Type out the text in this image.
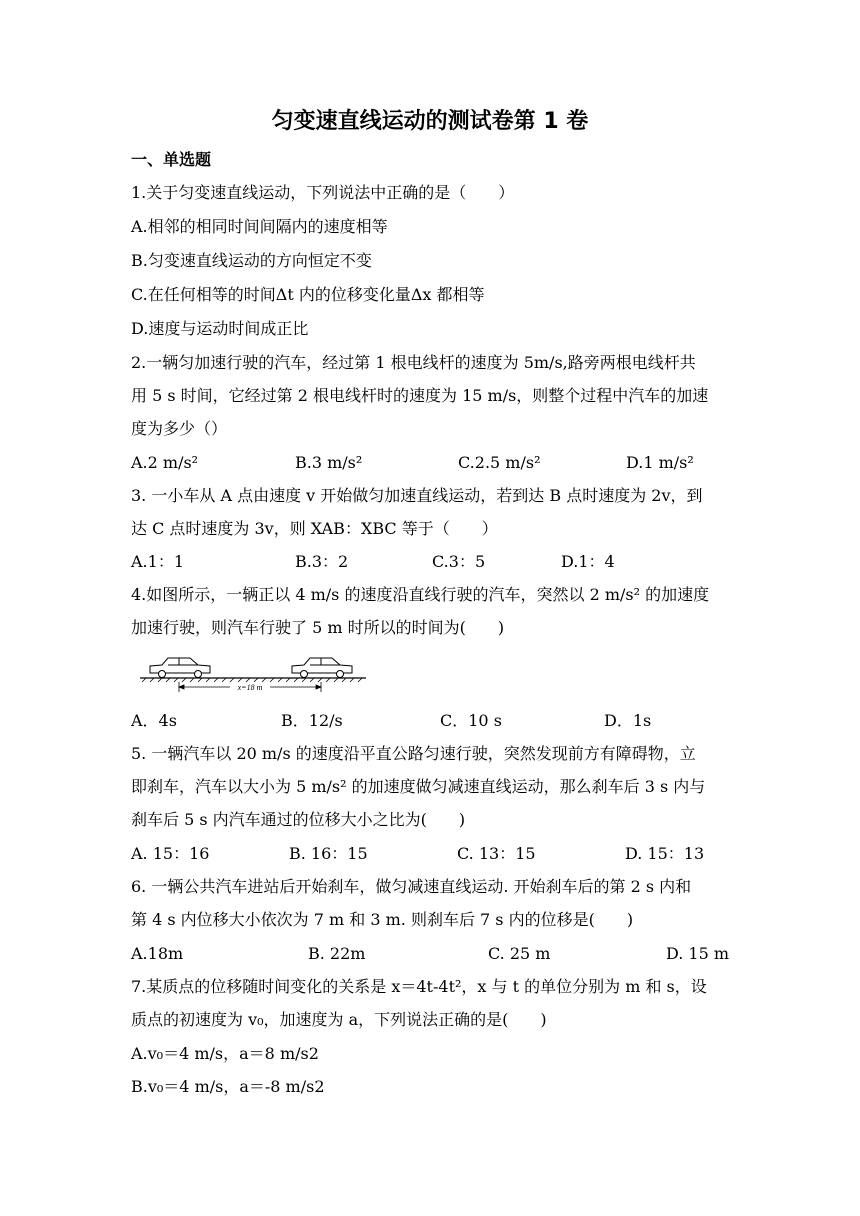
匀变速直线运动的测试卷第 1 卷
一、单选题
1.关于匀变速直线运动，下列说法中正确的是（　　）
A.相邻的相同时间间隔内的速度相等
B.匀变速直线运动的方向恒定不变
C.在任何相等的时间Δt 内的位移变化量Δx 都相等
D.速度与运动时间成正比
2.一辆匀加速行驶的汽车，经过第 1 根电线杆的速度为 5m/s,路旁两根电线杆共
用 5 s 时间，它经过第 2 根电线杆时的速度为 15 m/s，则整个过程中汽车的加速
度为多少（）
A.2 m/s²	B.3 m/s²	C.2.5 m/s²	D.1 m/s²
3. 一小车从 A 点由速度 v 开始做匀加速直线运动，若到达 B 点时速度为 2v，到
达 C 点时速度为 3v，则 XAB：XBC 等于（　　）
A.1：1	B.3：2	C.3：5	D.1：4
4.如图所示，一辆正以 4 m/s 的速度沿直线行驶的汽车，突然以 2 m/s² 的加速度
加速行驶，则汽车行驶了 5 m 时所以的时间为(　　)
x=18 m
A．4s	B．12/s	C．10 s	D．1s
5. 一辆汽车以 20 m/s 的速度沿平直公路匀速行驶，突然发现前方有障碍物，立
即刹车，汽车以大小为 5 m/s² 的加速度做匀减速直线运动，那么刹车后 3 s 内与
刹车后 5 s 内汽车通过的位移大小之比为(　　)
A. 15：16	B. 16：15	C. 13：15	D. 15：13
6. 一辆公共汽车进站后开始刹车，做匀减速直线运动. 开始刹车后的第 2 s 内和
第 4 s 内位移大小依次为 7 m 和 3 m. 则刹车后 7 s 内的位移是(　　)
A.18m	B. 22m	C. 25 m	D. 15 m
7.某质点的位移随时间变化的关系是 x＝4t-4t²，x 与 t 的单位分别为 m 和 s，设
质点的初速度为 v₀，加速度为 a，下列说法正确的是(　　)
A.v₀＝4 m/s，a＝8 m/s2
B.v₀＝4 m/s，a＝-8 m/s2
